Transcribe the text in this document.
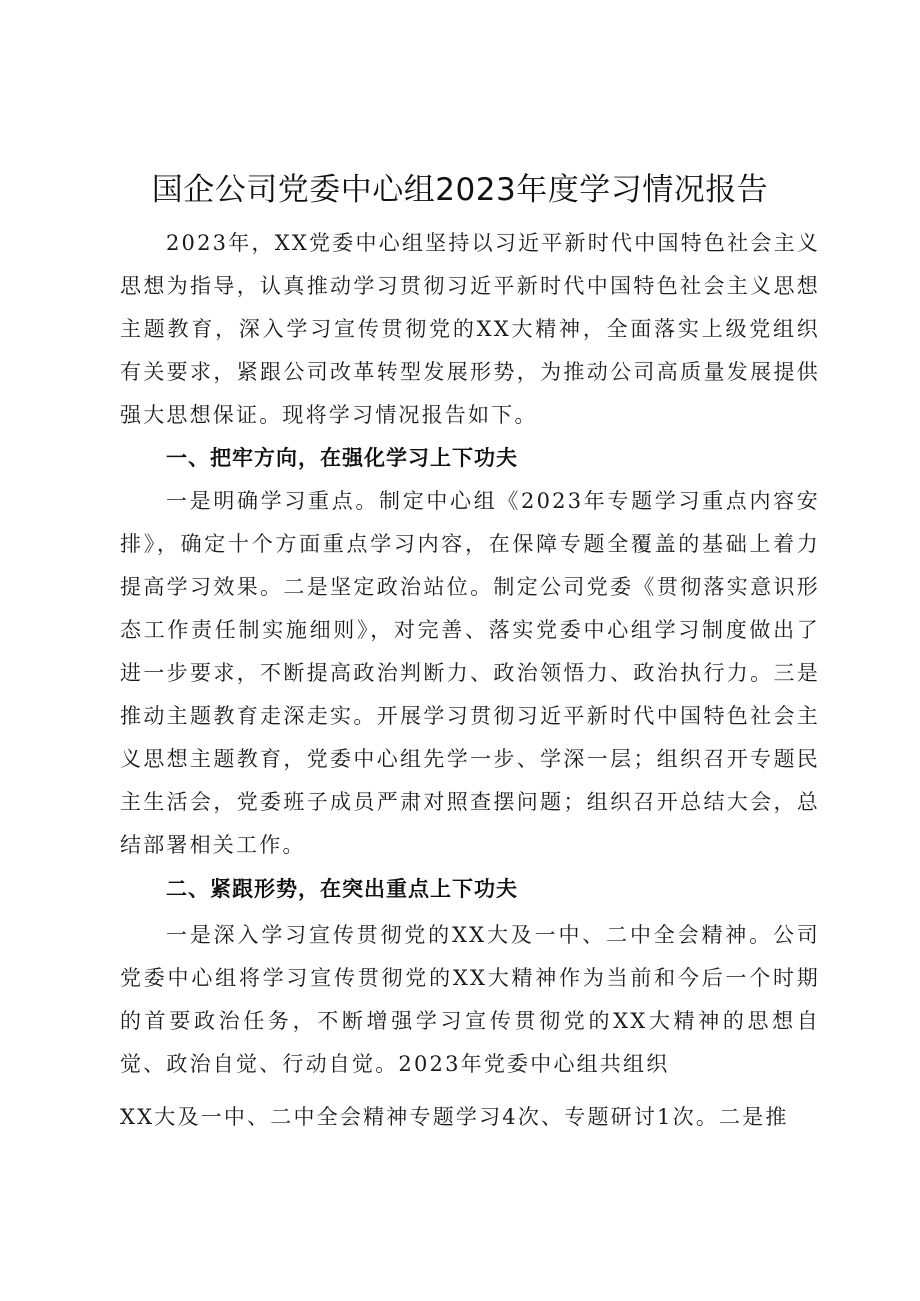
国企公司党委中心组2023年度学习情况报告

2023年，XX党委中心组坚持以习近平新时代中国特色社会主义思想为指导，认真推动学习贯彻习近平新时代中国特色社会主义思想主题教育，深入学习宣传贯彻党的XX大精神，全面落实上级党组织有关要求，紧跟公司改革转型发展形势，为推动公司高质量发展提供强大思想保证。现将学习情况报告如下。

一、把牢方向，在强化学习上下功夫

一是明确学习重点。制定中心组《2023年专题学习重点内容安排》，确定十个方面重点学习内容，在保障专题全覆盖的基础上着力提高学习效果。二是坚定政治站位。制定公司党委《贯彻落实意识形态工作责任制实施细则》，对完善、落实党委中心组学习制度做出了进一步要求，不断提高政治判断力、政治领悟力、政治执行力。三是推动主题教育走深走实。开展学习贯彻习近平新时代中国特色社会主义思想主题教育，党委中心组先学一步、学深一层；组织召开专题民主生活会，党委班子成员严肃对照查摆问题；组织召开总结大会，总结部署相关工作。

二、紧跟形势，在突出重点上下功夫

一是深入学习宣传贯彻党的XX大及一中、二中全会精神。公司党委中心组将学习宣传贯彻党的XX大精神作为当前和今后一个时期的首要政治任务，不断增强学习宣传贯彻党的XX大精神的思想自觉、政治自觉、行动自觉。2023年党委中心组共组织

XX大及一中、二中全会精神专题学习4次、专题研讨1次。二是推
